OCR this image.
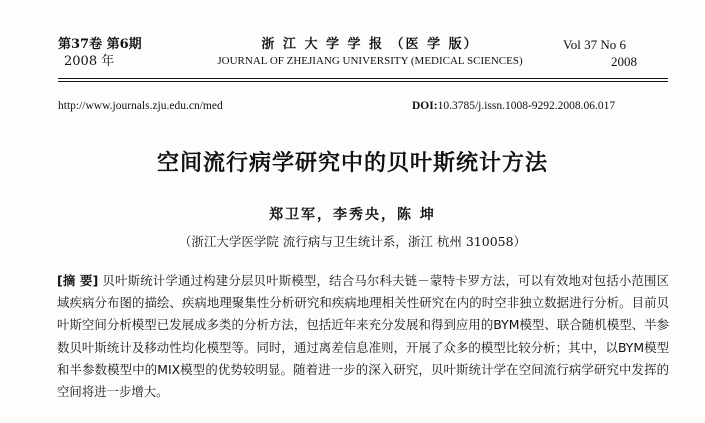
第37卷 第6期
2008 年
浙 江 大 学 学 报 （医 学 版）
JOURNAL OF ZHEJIANG UNIVERSITY (MEDICAL SCIENCES)
Vol 37 No 6
2008
http://www.journals.zju.edu.cn/med	DOI:10.3785/j.issn.1008-9292.2008.06.017
空间流行病学研究中的贝叶斯统计方法
郑卫军，李秀央，陈 坤
（浙江大学医学院 流行病与卫生统计系，浙江 杭州 310058）
[摘 要] 贝叶斯统计学通过构建分层贝叶斯模型，结合马尔科夫链－蒙特卡罗方法，可以有效地对包括小范围区域疾病分布图的描绘、疾病地理聚集性分析研究和疾病地理相关性研究在内的时空非独立数据进行分析。目前贝叶斯空间分析模型已发展成多类的分析方法，包括近年来充分发展和得到应用的BYM模型、联合随机模型、半参数贝叶斯统计及移动性均化模型等。同时，通过离差信息准则，开展了众多的模型比较分析；其中，以BYM模型和半参数模型中的MIX模型的优势较明显。随着进一步的深入研究，贝叶斯统计学在空间流行病学研究中发挥的空间将进一步增大。
